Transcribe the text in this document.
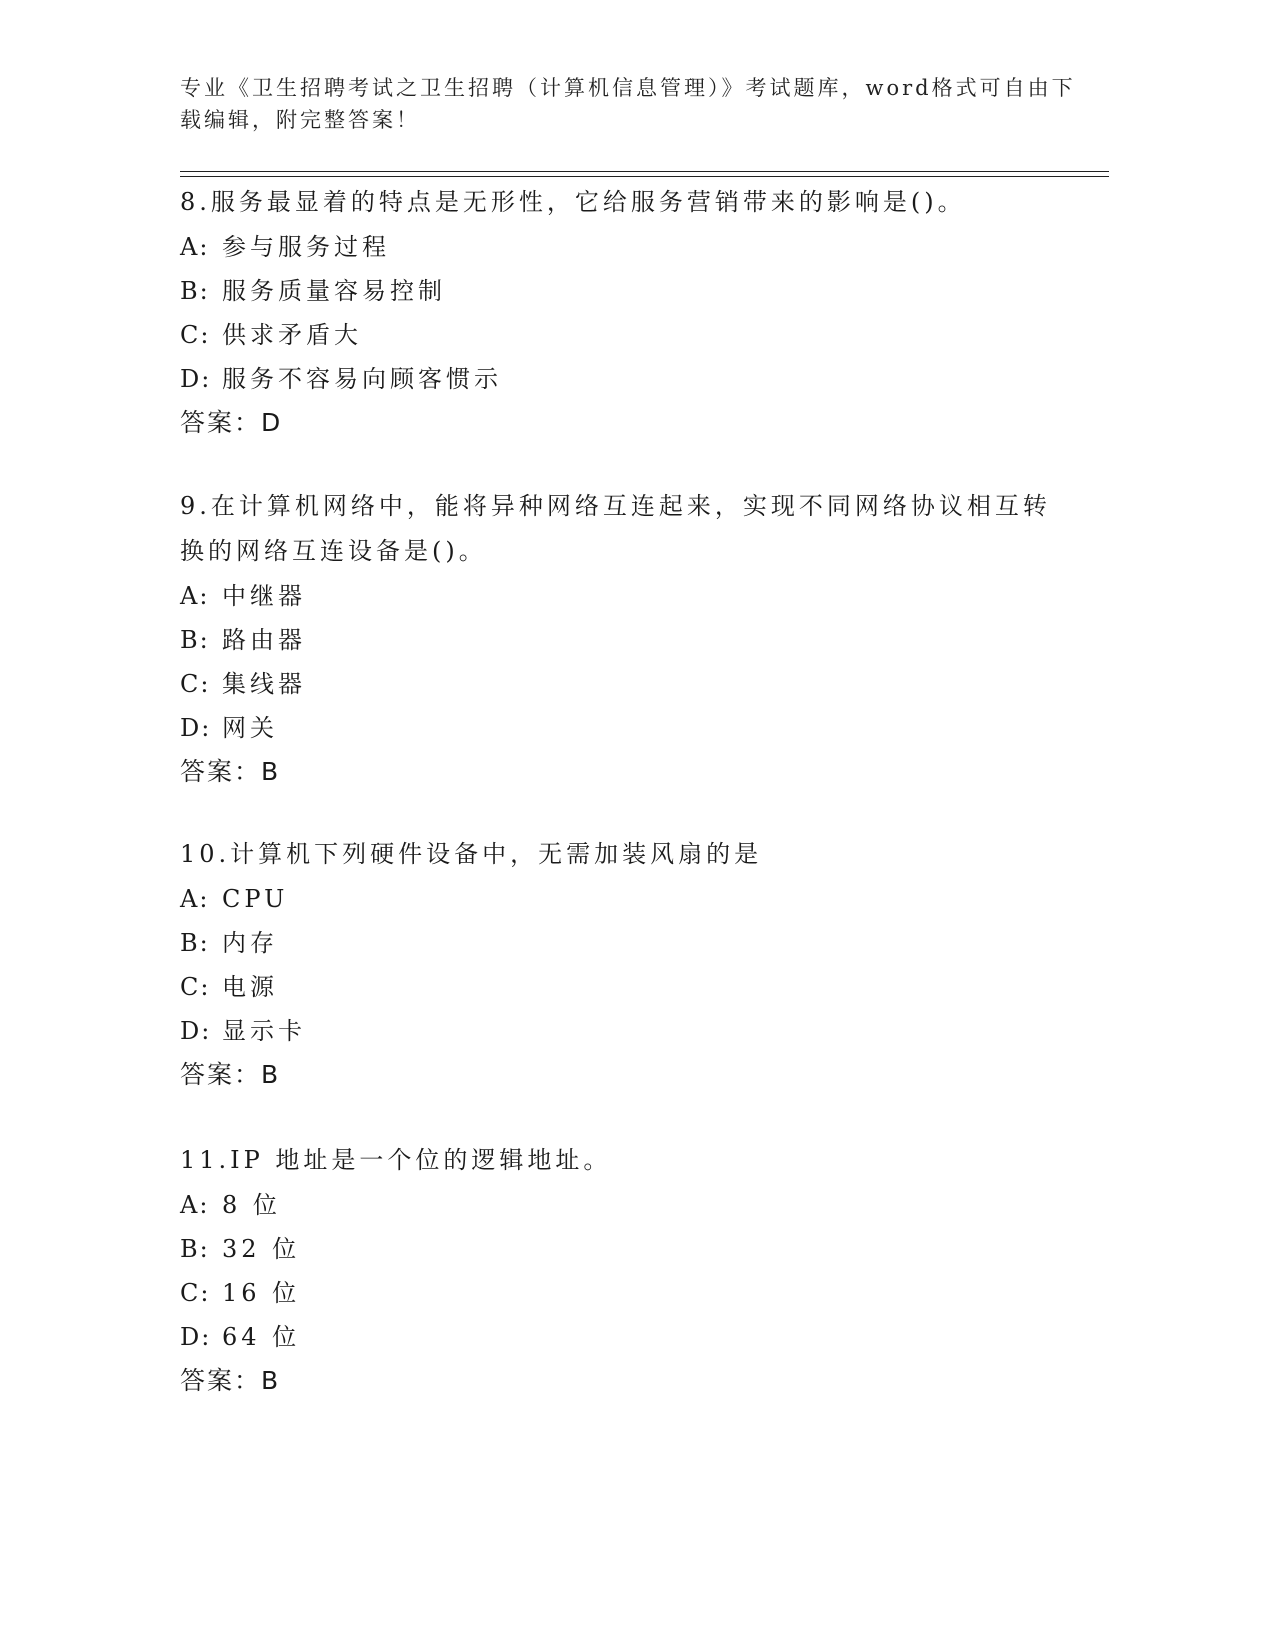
专业《卫生招聘考试之卫生招聘（计算机信息管理）》考试题库，word格式可自由下载编辑，附完整答案！

8.服务最显着的特点是无形性，它给服务营销带来的影响是()。

A: 参与服务过程

B: 服务质量容易控制

C: 供求矛盾大

D: 服务不容易向顾客惯示

答案：D

9.在计算机网络中，能将异种网络互连起来，实现不同网络协议相互转换的网络互连设备是()。

A: 中继器

B: 路由器

C: 集线器

D: 网关

答案：B

10.计算机下列硬件设备中，无需加装风扇的是

A: CPU

B: 内存

C: 电源

D: 显示卡

答案：B

11.IP 地址是一个位的逻辑地址。

A: 8 位

B: 32 位

C: 16 位

D: 64 位

答案：B
